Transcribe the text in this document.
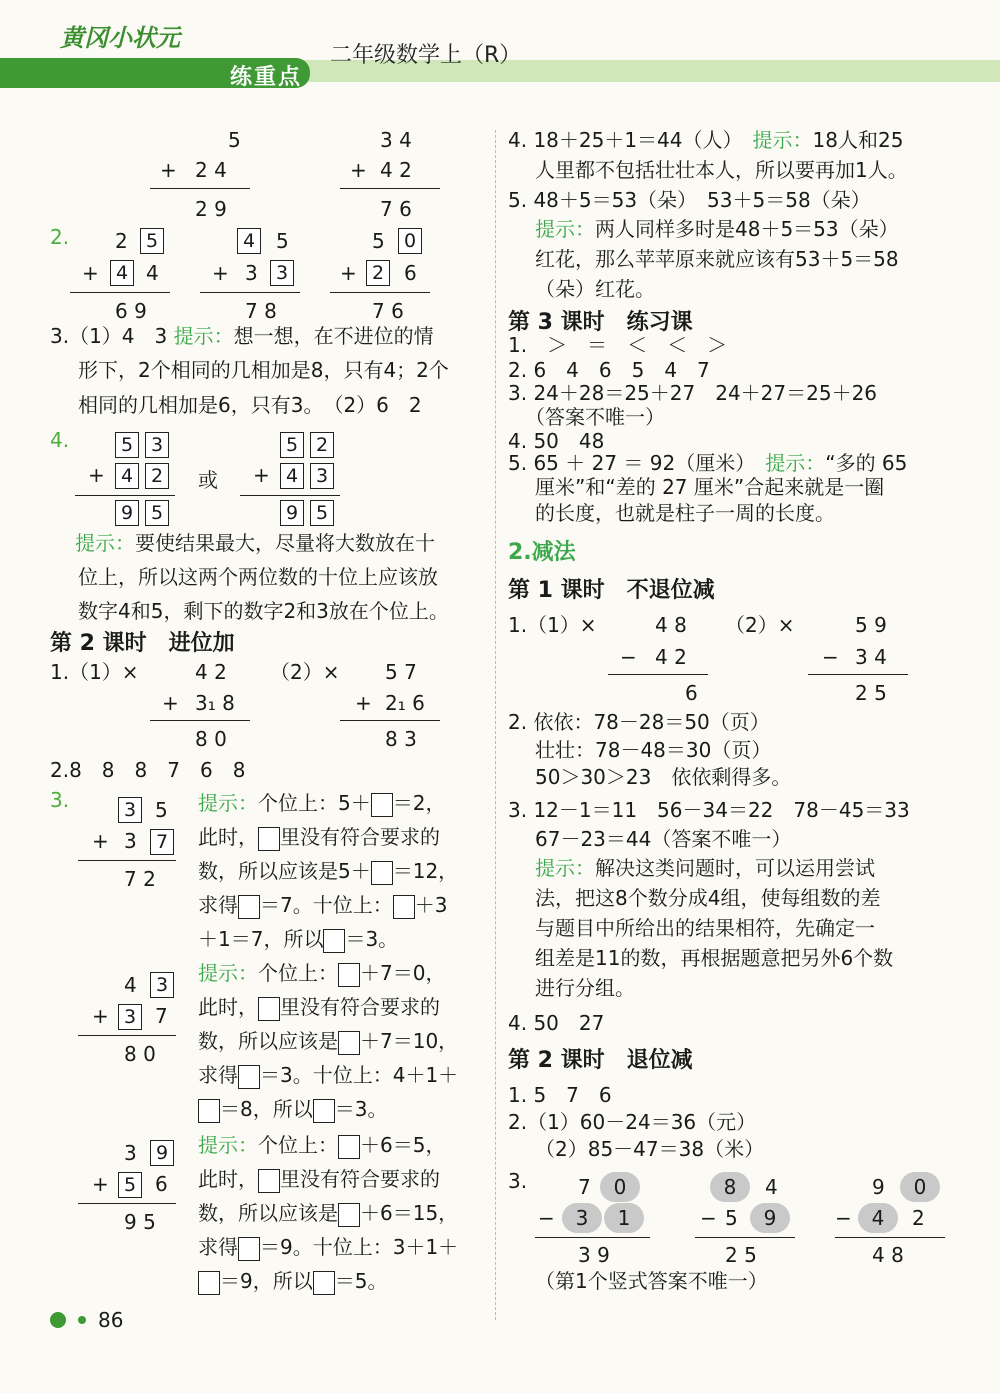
黄冈小状元
练重点
二年级数学上（R）
5
+ 2 4
2 9
3 4
+ 4 2
7 6
2. 2 5
+ 4 4
6 9
4 5
+ 3 3
7 8
5	0
+ 2 6
7 6
3.（1）4　3 提示：想一想，在不进位的情
形下，2个相同的几相加是8，只有4；2个
相同的几相加是6，只有3。　（2）6　2
4.	5 3
+ 4 2
9 5
或
5 2
+ 4 3
9 5
提示：要使结果最大，尽量将大数放在十
位上，所以这两个两位数的十位上应该放
数字4和5，剩下的数字2和3放在个位上。
第 2 课时　进位加
1.（1）×	4 2
+ 3₁ 8
8 0
（2）× 5 7
+ 2₁ 6
8 3
2.8　8　8　7　6　8
3.	3 5
+ 3	7
7 2
提示：个位上：5＋ ＝2，
此时， 里没有符合要求的
数，所以应该是5＋ ＝12，
求得 ＝7。十位上： ＋3
＋1＝7，所以 ＝3。
4	3
+ 3 7
8 0
提示：个位上： ＋7＝0，
此时， 里没有符合要求的
数，所以应该是 ＋7＝10，
求得 ＝3。十位上：4＋1＋
＝8，所以 ＝3。
3	9
+ 5 6
9 5
提示：个位上： ＋6＝5，
此时， 里没有符合要求的
数，所以应该是 ＋6＝15，
求得 ＝9。十位上：3＋1＋
＝9，所以 ＝5。
86
4. 18＋25＋1＝44（人）　 提示：18人和25
人里都不包括壮壮本人，所以要再加1人。
5. 48＋5＝53（朵）　53＋5＝58（朵）
提示：两人同样多时是48＋5＝53（朵）
红花，那么苹苹原来就应该有53＋5＝58
（朵）红花。
第 3 课时　练习课
1.　＞　＝　＜　＜　＞
2. 6　4　6　5　4　7
3. 24＋28＝25＋27　24＋27＝25＋26
（答案不唯一）
4. 50　48
5. 65 ＋ 27 ＝ 92（厘米）　 提示：“多的 65
厘米”和“差的 27 厘米”合起来就是一圈
的长度，也就是柱子一周的长度。
2.减法
第 1 课时　不退位减
1.（1）×	4 8
− 4 2
6
（2）×	5 9
− 3 4
2 5
2. 依依：78－28＝50（页）
壮壮：78－48＝30（页）
50＞30＞23　依依剩得多。
3. 12－1＝11　56－34＝22　78－45＝33
67－23＝44（答案不唯一）
提示：解决这类问题时，可以运用尝试
法，把这8个数分成4组，使每组数的差
与题目中所给出的结果相符，先确定一
组差是11的数，再根据题意把另外6个数
进行分组。
4. 50　27
第 2 课时　退位减
1. 5　7　6
2.（1）60－24＝36（元）
（2）85－47＝38（米）
3.	7	0
−	3	1
3 9
8	4
− 5	9
2 5
9	0
− 4	2
4 8
（第1个竖式答案不唯一）
